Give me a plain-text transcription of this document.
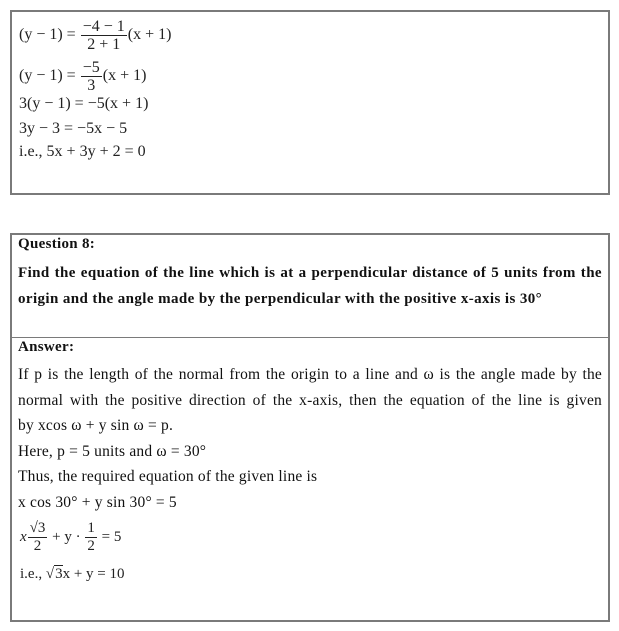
$(y - 1) = \frac{-4 - 1}{2 + 1} (x + 1)$
$(y - 1) = \frac{-5}{3} (x + 1)$
3(y − 1) = −5(x + 1)
3y − 3 = −5x − 5
i.e., 5x + 3y + 2 = 0
Question 8:
Find the equation of the line which is at a perpendicular distance of 5 units from the origin and the angle made by the perpendicular with the positive x-axis is 30°
Answer:

If p is the length of the normal from the origin to a line and ω is the angle made by the

normal with the positive direction of the x-axis, then the equation of the line is given

by xcos ω + y sin ω = p.

Here, p = 5 units and ω = 30°

Thus, the required equation of the given line is

x cos 30° + y sin 30° = 5

x $\frac{√3}{2} + y \cdot \frac{1}{2} = 5$
i.e., √3x + y = 10
